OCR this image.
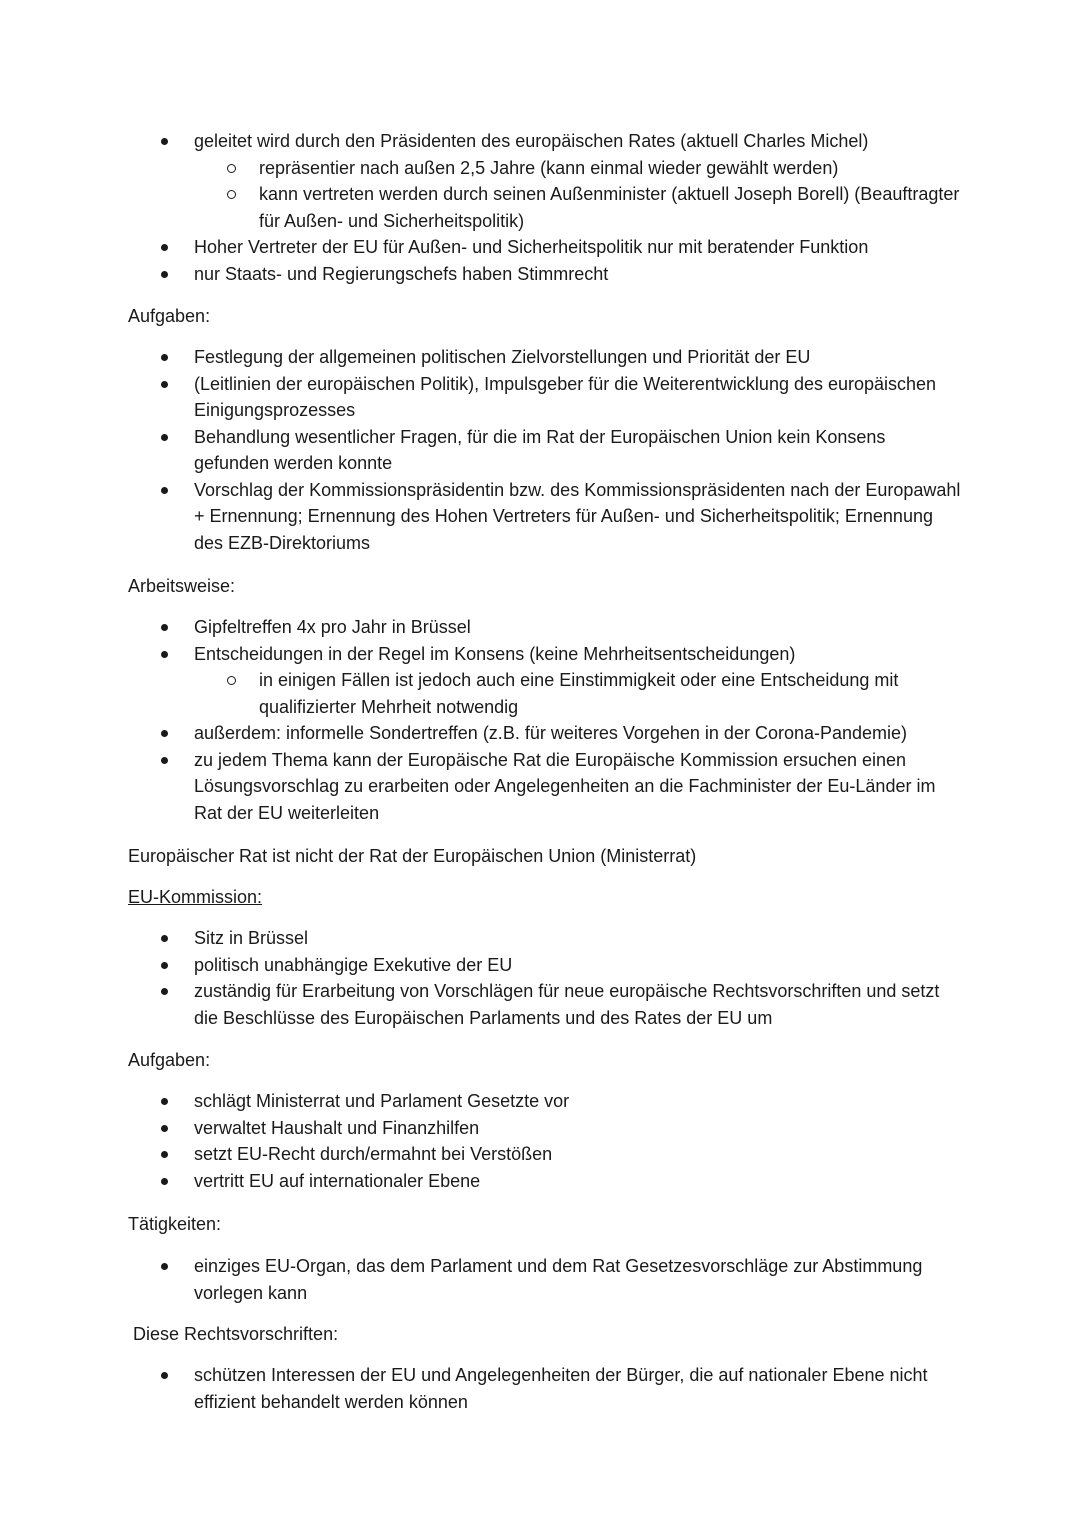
geleitet wird durch den Präsidenten des europäischen Rates (aktuell Charles Michel)
repräsentier nach außen 2,5 Jahre (kann einmal wieder gewählt werden)
kann vertreten werden durch seinen Außenminister (aktuell Joseph Borell) (Beauftragter für Außen- und Sicherheitspolitik)
Hoher Vertreter der EU für Außen- und Sicherheitspolitik nur mit beratender Funktion
nur Staats- und Regierungschefs haben Stimmrecht
Aufgaben:
Festlegung der allgemeinen politischen Zielvorstellungen und Priorität der EU
(Leitlinien der europäischen Politik), Impulsgeber für die Weiterentwicklung des europäischen Einigungsprozesses
Behandlung wesentlicher Fragen, für die im Rat der Europäischen Union kein Konsens gefunden werden konnte
Vorschlag der Kommissionspräsidentin bzw. des Kommissionspräsidenten nach der Europawahl + Ernennung; Ernennung des Hohen Vertreters für Außen- und Sicherheitspolitik; Ernennung des EZB-Direktoriums
Arbeitsweise:
Gipfeltreffen 4x pro Jahr in Brüssel
Entscheidungen in der Regel im Konsens (keine Mehrheitsentscheidungen)
in einigen Fällen ist jedoch auch eine Einstimmigkeit oder eine Entscheidung mit qualifizierter Mehrheit notwendig
außerdem: informelle Sondertreffen (z.B. für weiteres Vorgehen in der Corona-Pandemie)
zu jedem Thema kann der Europäische Rat die Europäische Kommission ersuchen einen Lösungsvorschlag zu erarbeiten oder Angelegenheiten an die Fachminister der Eu-Länder im Rat der EU weiterleiten
Europäischer Rat ist nicht der Rat der Europäischen Union (Ministerrat)
EU-Kommission:
Sitz in Brüssel
politisch unabhängige Exekutive der EU
zuständig für Erarbeitung von Vorschlägen für neue europäische Rechtsvorschriften und setzt die Beschlüsse des Europäischen Parlaments und des Rates der EU um
Aufgaben:
schlägt Ministerrat und Parlament Gesetzte vor
verwaltet Haushalt und Finanzhilfen
setzt EU-Recht durch/ermahnt bei Verstößen
vertritt EU auf internationaler Ebene
Tätigkeiten:
einziges EU-Organ, das dem Parlament und dem Rat Gesetzesvorschläge zur Abstimmung vorlegen kann
Diese Rechtsvorschriften:
schützen Interessen der EU und Angelegenheiten der Bürger, die auf nationaler Ebene nicht effizient behandelt werden können
